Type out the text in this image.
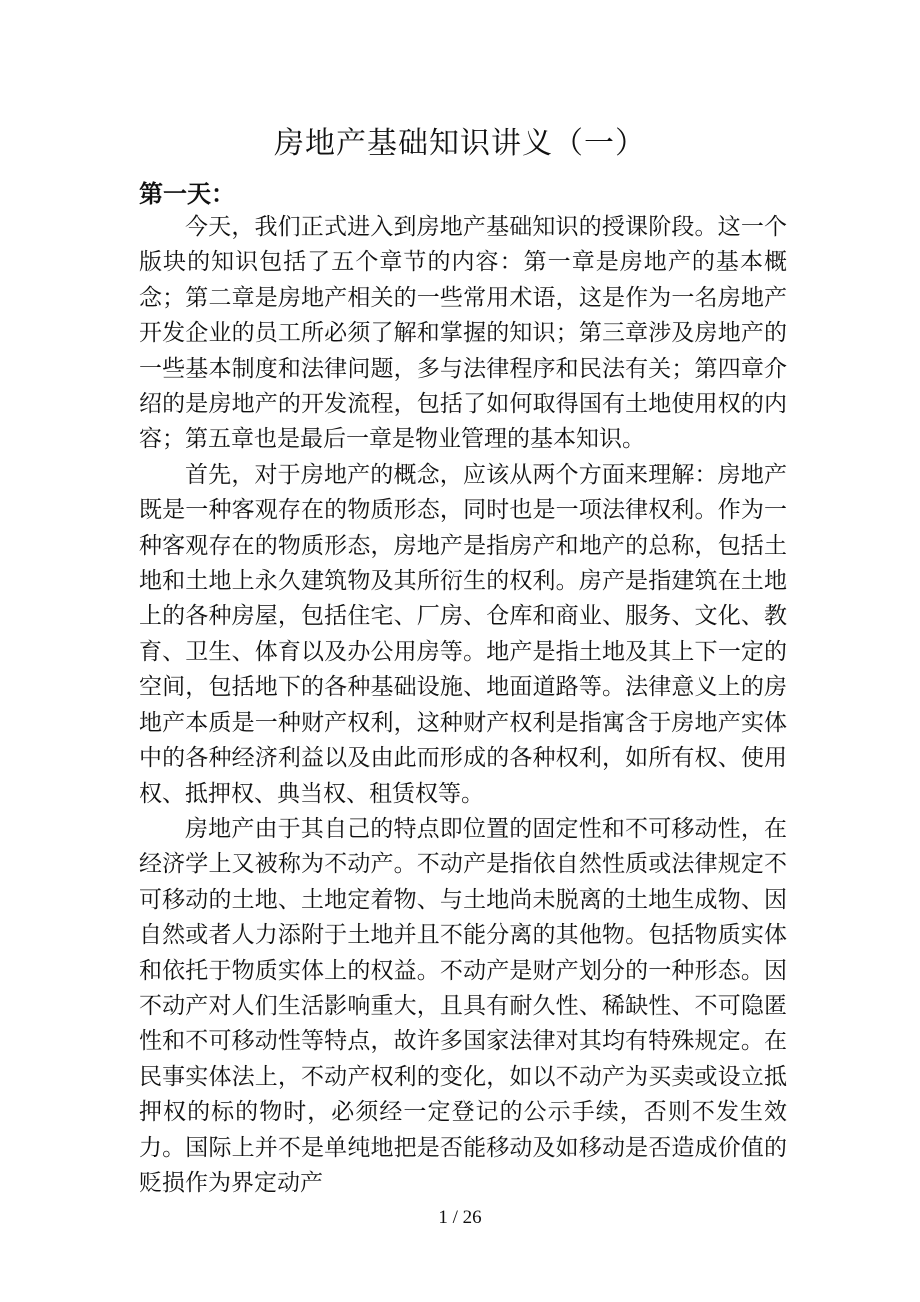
房地产基础知识讲义（一）
第一天：

今天，我们正式进入到房地产基础知识的授课阶段。这一个版块的知识包括了五个章节的内容：第一章是房地产的基本概念；第二章是房地产相关的一些常用术语，这是作为一名房地产开发企业的员工所必须了解和掌握的知识；第三章涉及房地产的一些基本制度和法律问题，多与法律程序和民法有关；第四章介绍的是房地产的开发流程，包括了如何取得国有土地使用权的内容；第五章也是最后一章是物业管理的基本知识。

首先，对于房地产的概念，应该从两个方面来理解：房地产既是一种客观存在的物质形态，同时也是一项法律权利。作为一种客观存在的物质形态，房地产是指房产和地产的总称，包括土地和土地上永久建筑物及其所衍生的权利。房产是指建筑在土地上的各种房屋，包括住宅、厂房、仓库和商业、服务、文化、教育、卫生、体育以及办公用房等。地产是指土地及其上下一定的空间，包括地下的各种基础设施、地面道路等。法律意义上的房地产本质是一种财产权利，这种财产权利是指寓含于房地产实体中的各种经济利益以及由此而形成的各种权利，如所有权、使用权、抵押权、典当权、租赁权等。

房地产由于其自己的特点即位置的固定性和不可移动性，在经济学上又被称为不动产。不动产是指依自然性质或法律规定不可移动的土地、土地定着物、与土地尚未脱离的土地生成物、因自然或者人力添附于土地并且不能分离的其他物。包括物质实体和依托于物质实体上的权益。不动产是财产划分的一种形态。因不动产对人们生活影响重大，且具有耐久性、稀缺性、不可隐匿性和不可移动性等特点，故许多国家法律对其均有特殊规定。在民事实体法上，不动产权利的变化，如以不动产为买卖或设立抵押权的标的物时，必须经一定登记的公示手续，否则不发生效力。国际上并不是单纯地把是否能移动及如移动是否造成价值的贬损作为界定动产

1 / 26
